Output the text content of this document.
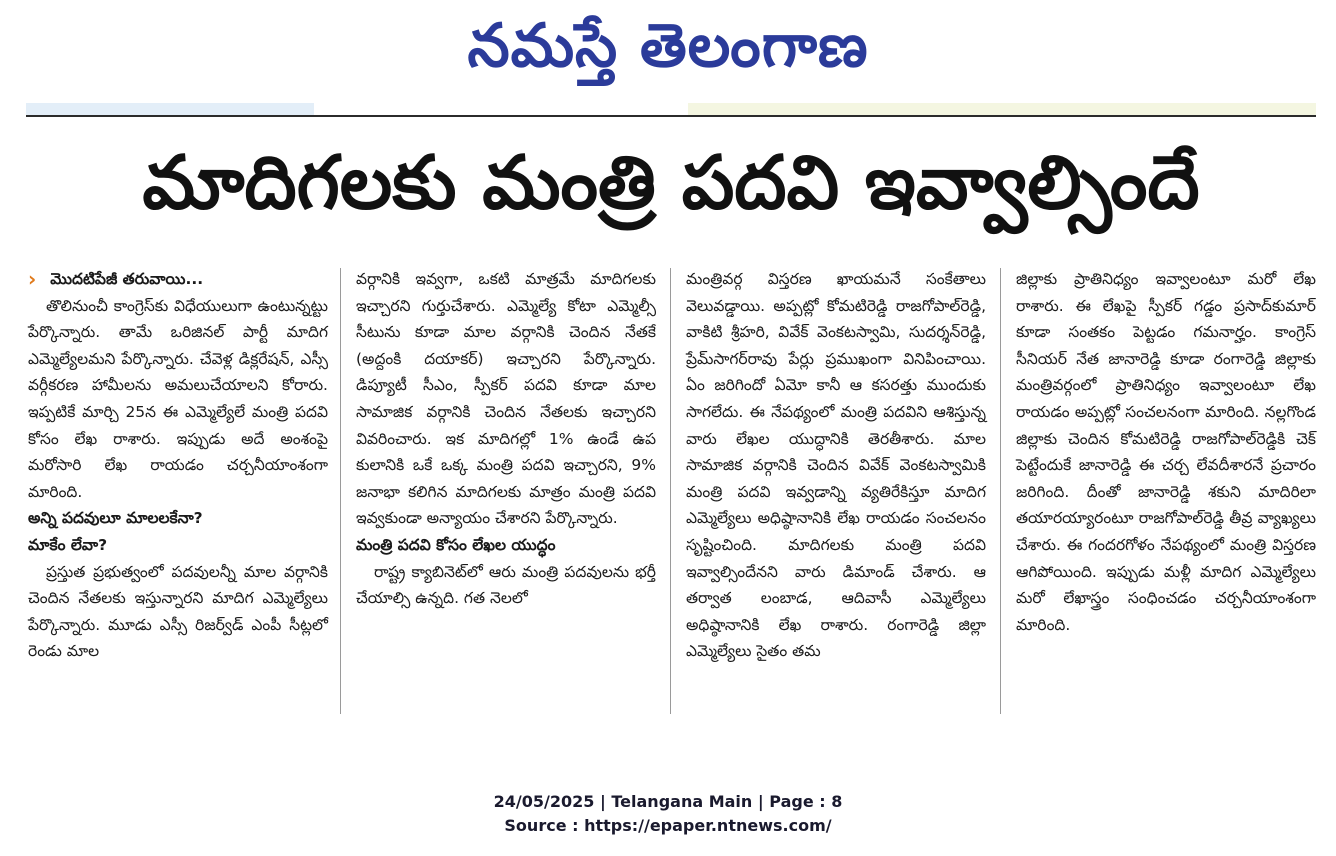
నమస్తే తెలంగాణ
మాదిగలకు మంత్రి పదవి ఇవ్వాల్సిందే
› మొదటిపేజీ తరువాయి...

తొలినుంచీ కాంగ్రెస్‌కు విధేయులుగా ఉంటున్నట్టు పేర్కొన్నారు. తామే ఒరిజినల్ పార్టీ మాదిగ ఎమ్మెల్యేలమని పేర్కొన్నారు. చేవెళ్ల డిక్లరేషన్, ఎస్సీ వర్గీకరణ హామీలను అమలుచేయాలని కోరారు. ఇప్పటికే మార్చి 25న ఈ ఎమ్మెల్యేలే మంత్రి పదవి కోసం లేఖ రాశారు. ఇప్పుడు అదే అంశంపై మరోసారి లేఖ రాయడం చర్చనీయాంశంగా మారింది.

అన్ని పదవులూ మాలలకేనా?

మాకేం లేవా?

ప్రస్తుత ప్రభుత్వంలో పదవులన్నీ మాల వర్గానికి చెందిన నేతలకు ఇస్తున్నారని మాదిగ ఎమ్మెల్యేలు పేర్కొన్నారు. మూడు ఎస్సీ రిజర్వ్‌డ్ ఎంపీ సీట్లలో రెండు మాల

వర్గానికి ఇవ్వగా, ఒకటి మాత్రమే మాదిగలకు ఇచ్చారని గుర్తుచేశారు. ఎమ్మెల్యే కోటా ఎమ్మెల్సీ సీటును కూడా మాల వర్గానికి చెందిన నేతకే (అద్దంకి దయాకర్) ఇచ్చారని పేర్కొన్నారు. డిప్యూటీ సీఎం, స్పీకర్ పదవి కూడా మాల సామాజిక వర్గానికి చెందిన నేతలకు ఇచ్చారని వివరించారు. ఇక మాదిగల్లో 1% ఉండే ఉప కులానికి ఒకే ఒక్క మంత్రి పదవి ఇచ్చారని, 9% జనాభా కలిగిన మాదిగలకు మాత్రం మంత్రి పదవి ఇవ్వకుండా అన్యాయం చేశారని పేర్కొన్నారు.

మంత్రి పదవి కోసం లేఖల యుద్ధం

రాష్ట్ర క్యాబినెట్‌లో ఆరు మంత్రి పదవులను భర్తీ చేయాల్సి ఉన్నది. గత నెలలో

మంత్రివర్గ విస్తరణ ఖాయమనే సంకేతాలు వెలువడ్డాయి. అప్పట్లో కోమటిరెడ్డి రాజగోపాల్‌రెడ్డి, వాకిటి శ్రీహరి, వివేక్ వెంకటస్వామి, సుదర్శన్‌రెడ్డి, ప్రేమ్‌సాగర్‌రావు పేర్లు ప్రముఖంగా వినిపించాయి. ఏం జరిగిందో ఏమో కానీ ఆ కసరత్తు ముందుకు సాగలేదు. ఈ నేపథ్యంలో మంత్రి పదవిని ఆశిస్తున్న వారు లేఖల యుద్ధానికి తెరతీశారు. మాల సామాజిక వర్గానికి చెందిన వివేక్ వెంకటస్వామికి మంత్రి పదవి ఇవ్వడాన్ని వ్యతిరేకిస్తూ మాదిగ ఎమ్మెల్యేలు అధిష్ఠానానికి లేఖ రాయడం సంచలనం సృష్టించింది. మాదిగలకు మంత్రి పదవి ఇవ్వాల్సిందేనని వారు డిమాండ్ చేశారు. ఆ తర్వాత లంబాడ, ఆదివాసీ ఎమ్మెల్యేలు అధిష్ఠానానికి లేఖ రాశారు. రంగారెడ్డి జిల్లా ఎమ్మెల్యేలు సైతం తమ

జిల్లాకు ప్రాతినిధ్యం ఇవ్వాలంటూ మరో లేఖ రాశారు. ఈ లేఖపై స్పీకర్ గడ్డం ప్రసాద్‌కుమార్ కూడా సంతకం పెట్టడం గమనార్హం. కాంగ్రెస్ సీనియర్ నేత జానారెడ్డి కూడా రంగారెడ్డి జిల్లాకు మంత్రివర్గంలో ప్రాతినిధ్యం ఇవ్వాలంటూ లేఖ రాయడం అప్పట్లో సంచలనంగా మారింది. నల్లగొండ జిల్లాకు చెందిన కోమటిరెడ్డి రాజగోపాల్‌రెడ్డికి చెక్ పెట్టేందుకే జానారెడ్డి ఈ చర్చ లేవదీశారనే ప్రచారం జరిగింది. దీంతో జానారెడ్డి శకుని మాదిరిలా తయారయ్యారంటూ రాజగోపాల్‌రెడ్డి తీవ్ర వ్యాఖ్యలు చేశారు. ఈ గందరగోళం నేపథ్యంలో మంత్రి విస్తరణ ఆగిపోయింది. ఇప్పుడు మళ్లీ మాదిగ ఎమ్మెల్యేలు మరో లేఖాస్త్రం సంధించడం చర్చనీయాంశంగా మారింది.

24/05/2025 | Telangana Main | Page : 8
Source : https://epaper.ntnews.com/
